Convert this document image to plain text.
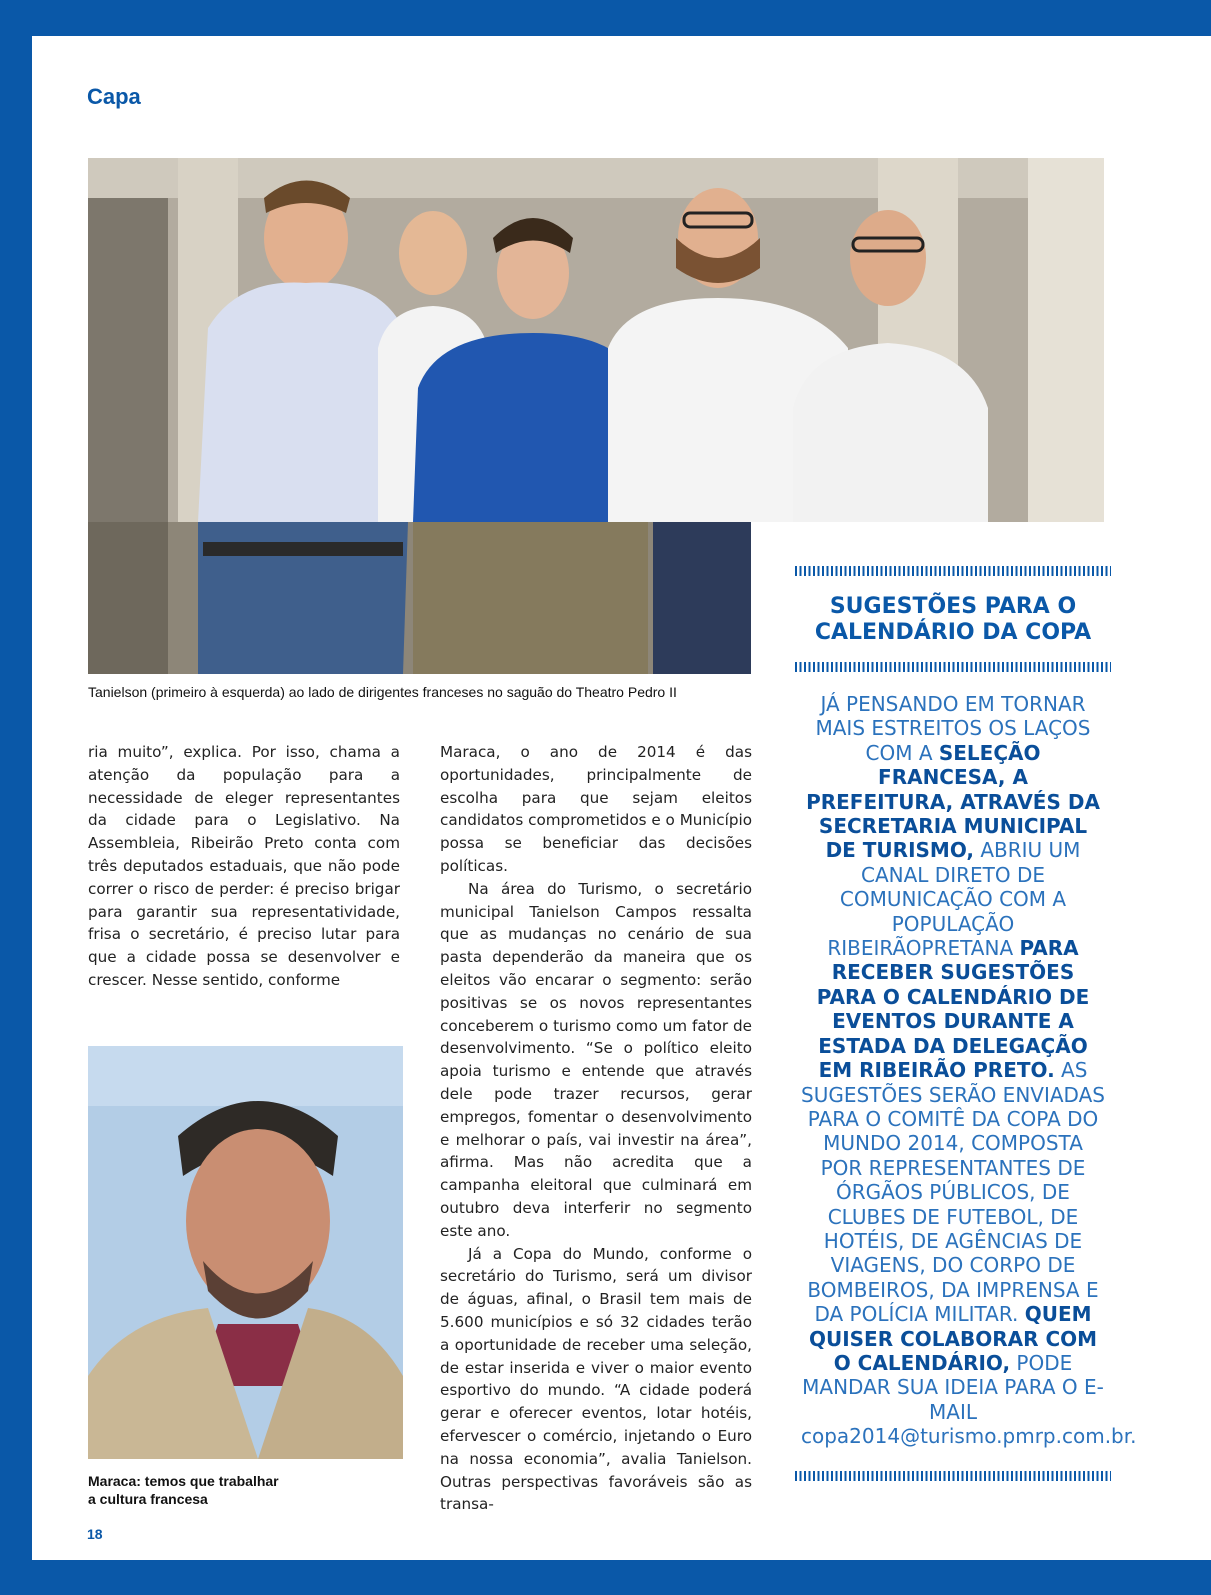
Capa
Tanielson (primeiro à esquerda) ao lado de dirigentes franceses no saguão do Theatro Pedro II

ria muito”, explica. Por isso, chama a atenção da população para a necessidade de eleger representantes da cidade para o Legislativo. Na Assembleia, Ribeirão Preto conta com três deputados estaduais, que não pode correr o risco de perder: é preciso brigar para garantir sua representatividade, frisa o secretário, é preciso lutar para que a cidade possa se desenvolver e crescer. Nesse sentido, conforme

Maraca, o ano de 2014 é das oportunidades, principalmente de escolha para que sejam eleitos candidatos comprometidos e o Município possa se beneficiar das decisões políticas.

Na área do Turismo, o secretário municipal Tanielson Campos ressalta que as mudanças no cenário de sua pasta dependerão da maneira que os eleitos vão encarar o segmento: serão positivas se os novos representantes conceberem o turismo como um fator de desenvolvimento. “Se o político eleito apoia turismo e entende que através dele pode trazer recursos, gerar empregos, fomentar o desenvolvimento e melhorar o país, vai investir na área”, afirma. Mas não acredita que a campanha eleitoral que culminará em outubro deva interferir no segmento este ano.

Já a Copa do Mundo, conforme o secretário do Turismo, será um divisor de águas, afinal, o Brasil tem mais de 5.600 municípios e só 32 cidades terão a oportunidade de receber uma seleção, de estar inserida e viver o maior evento esportivo do mundo. “A cidade poderá gerar e oferecer eventos, lotar hotéis, efervescer o comércio, injetando o Euro na nossa economia”, avalia Tanielson. Outras perspectivas favoráveis são as transa-

Maraca: temos que trabalhar
a cultura francesa
18
SUGESTÕES PARA O
CALENDÁRIO DA COPA
JÁ PENSANDO EM TORNAR MAIS ESTREITOS OS LAÇOS COM A SELEÇÃO FRANCESA, A PREFEITURA, ATRAVÉS DA SECRETARIA MUNICIPAL DE TURISMO, ABRIU UM CANAL DIRETO DE COMUNICAÇÃO COM A POPULAÇÃO RIBEIRÃOPRETANA PARA RECEBER SUGESTÕES PARA O CALENDÁRIO DE EVENTOS DURANTE A ESTADA DA DELEGAÇÃO EM RIBEIRÃO PRETO. AS SUGESTÕES SERÃO ENVIADAS PARA O COMITÊ DA COPA DO MUNDO 2014, COMPOSTA POR REPRESENTANTES DE ÓRGÃOS PÚBLICOS, DE CLUBES DE FUTEBOL, DE HOTÉIS, DE AGÊNCIAS DE VIAGENS, DO CORPO DE BOMBEIROS, DA IMPRENSA E DA POLÍCIA MILITAR. QUEM QUISER COLABORAR COM O CALENDÁRIO, PODE MANDAR SUA IDEIA PARA O E-MAIL copa2014@turismo.pmrp.com.br.
